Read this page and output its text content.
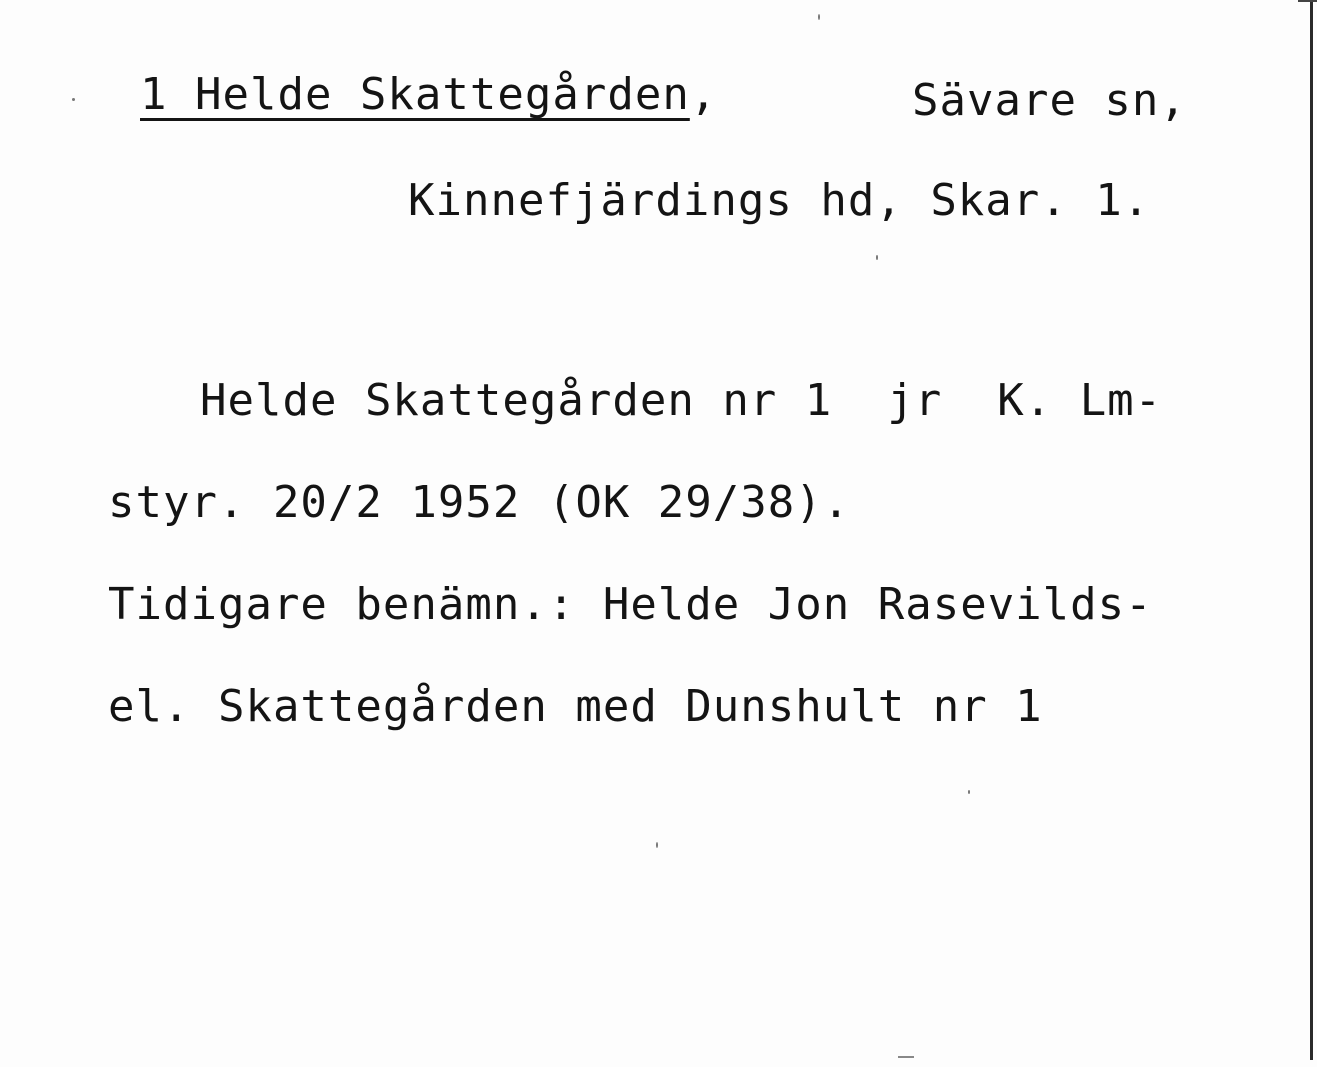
1 Helde Skattegården,	Sävare sn,
Kinnefjärdings hd, Skar. 1.
Helde Skattegården nr 1  jr  K. Lm-
styr. 20/2 1952 (OK 29/38).
Tidigare benämn.: Helde Jon Rasevilds-
el. Skattegården med Dunshult nr 1
